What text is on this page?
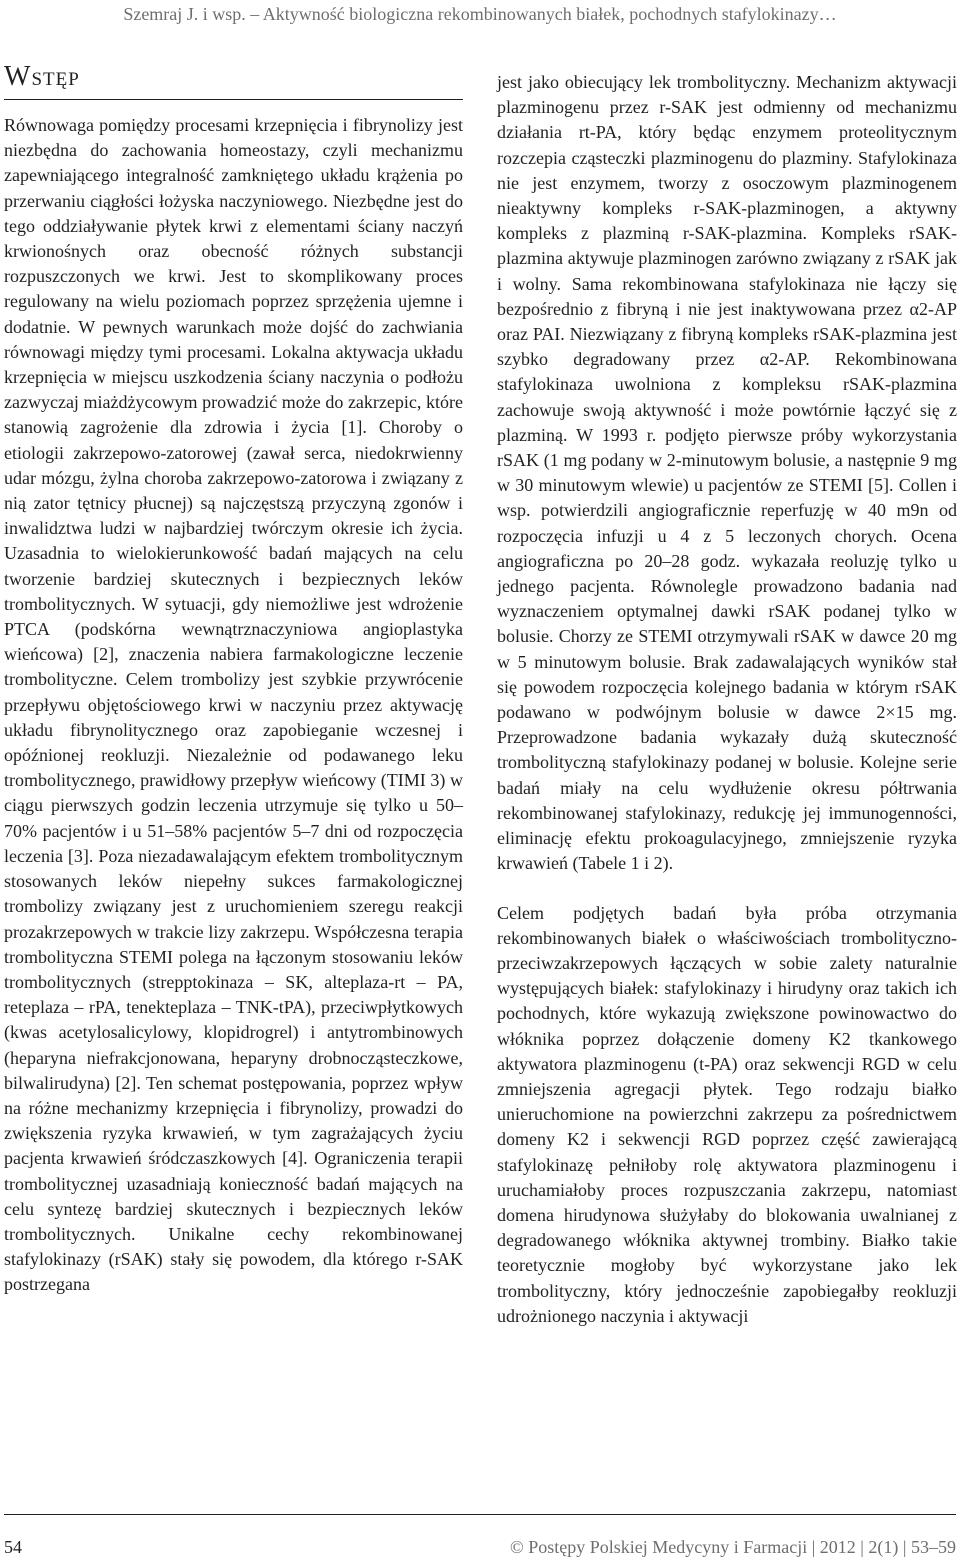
Szemraj J. i wsp. – Aktywność biologiczna rekombinowanych białek, pochodnych stafylokinazy…
WSTĘP

Równowaga pomiędzy procesami krzepnięcia i fibrynolizy jest niezbędna do zachowania homeostazy, czyli mechanizmu zapewniającego integralność zamkniętego układu krążenia po przerwaniu ciągłości łożyska naczyniowego. Niezbędne jest do tego oddziaływanie płytek krwi z elementami ściany naczyń krwionośnych oraz obecność różnych substancji rozpuszczonych we krwi. Jest to skomplikowany proces regulowany na wielu poziomach poprzez sprzężenia ujemne i dodatnie. W pewnych warunkach może dojść do zachwiania równowagi między tymi procesami. Lokalna aktywacja układu krzepnięcia w miejscu uszkodzenia ściany naczynia o podłożu zazwyczaj miażdżycowym prowadzić może do zakrzepic, które stanowią zagrożenie dla zdrowia i życia [1]. Choroby o etiologii zakrzepowo-zatorowej (zawał serca, niedokrwienny udar mózgu, żylna choroba zakrzepowo-zatorowa i związany z nią zator tętnicy płucnej) są najczęstszą przyczyną zgonów i inwalidztwa ludzi w najbardziej twórczym okresie ich życia. Uzasadnia to wielokierunkowość badań mających na celu tworzenie bardziej skutecznych i bezpiecznych leków trombolitycznych. W sytuacji, gdy niemożliwe jest wdrożenie PTCA (podskórna wewnątrznaczyniowa angioplastyka wieńcowa) [2], znaczenia nabiera farmakologiczne leczenie trombolityczne. Celem trombolizy jest szybkie przywrócenie przepływu objętościowego krwi w naczyniu przez aktywację układu fibrynolitycznego oraz zapobieganie wczesnej i opóźnionej reokluzji. Niezależnie od podawanego leku trombolitycznego, prawidłowy przepływ wieńcowy (TIMI 3) w ciągu pierwszych godzin leczenia utrzymuje się tylko u 50–70% pacjentów i u 51–58% pacjentów 5–7 dni od rozpoczęcia leczenia [3]. Poza niezadawalającym efektem trombolitycznym stosowanych leków niepełny sukces farmakologicznej trombolizy związany jest z uruchomieniem szeregu reakcji prozakrzepowych w trakcie lizy zakrzepu. Współczesna terapia trombolityczna STEMI polega na łączonym stosowaniu leków trombolitycznych (strepptokinaza – SK, alteplaza-rt – PA, reteplaza – rPA, tenekteplaza – TNK-tPA), przeciwpłytkowych (kwas acetylosalicylowy, klopidrogrel) i antytrombinowych (heparyna niefrakcjonowana, heparyny drobnocząsteczkowe, bilwalirudyna) [2]. Ten schemat postępowania, poprzez wpływ na różne mechanizmy krzepnięcia i fibrynolizy, prowadzi do zwiększenia ryzyka krwawień, w tym zagrażających życiu pacjenta krwawień śródczaszkowych [4]. Ograniczenia terapii trombolitycznej uzasadniają konieczność badań mających na celu syntezę bardziej skutecznych i bezpiecznych leków trombolitycznych. Unikalne cechy rekombinowanej stafylokinazy (rSAK) stały się powodem, dla którego r-SAK postrzegana

jest jako obiecujący lek trombolityczny. Mechanizm aktywacji plazminogenu przez r-SAK jest odmienny od mechanizmu działania rt-PA, który będąc enzymem proteolitycznym rozczepia cząsteczki plazminogenu do plazminy. Stafylokinaza nie jest enzymem, tworzy z osoczowym plazminogenem nieaktywny kompleks r-SAK-plazminogen, a aktywny kompleks z plazminą r-SAK-plazmina. Kompleks rSAK-plazmina aktywuje plazminogen zarówno związany z rSAK jak i wolny. Sama rekombinowana stafylokinaza nie łączy się bezpośrednio z fibryną i nie jest inaktywowana przez α2-AP oraz PAI. Niezwiązany z fibryną kompleks rSAK-plazmina jest szybko degradowany przez α2-AP. Rekombinowana stafylokinaza uwolniona z kompleksu rSAK-plazmina zachowuje swoją aktywność i może powtórnie łączyć się z plazminą. W 1993 r. podjęto pierwsze próby wykorzystania rSAK (1 mg podany w 2-minutowym bolusie, a następnie 9 mg w 30 minutowym wlewie) u pacjentów ze STEMI [5]. Collen i wsp. potwierdzili angiograficznie reperfuzję w 40 m9n od rozpoczęcia infuzji u 4 z 5 leczonych chorych. Ocena angiograficzna po 20–28 godz. wykazała reoluzję tylko u jednego pacjenta. Równolegle prowadzono badania nad wyznaczeniem optymalnej dawki rSAK podanej tylko w bolusie. Chorzy ze STEMI otrzymywali rSAK w dawce 20 mg w 5 minutowym bolusie. Brak zadawalających wyników stał się powodem rozpoczęcia kolejnego badania w którym rSAK podawano w podwójnym bolusie w dawce 2×15 mg. Przeprowadzone badania wykazały dużą skuteczność trombolityczną stafylokinazy podanej w bolusie. Kolejne serie badań miały na celu wydłużenie okresu półtrwania rekombinowanej stafylokinazy, redukcję jej immunogenności, eliminację efektu prokoagulacyjnego, zmniejszenie ryzyka krwawień (Tabele 1 i 2).

Celem podjętych badań była próba otrzymania rekombinowanych białek o właściwościach trombolityczno-przeciwzakrzepowych łączących w sobie zalety naturalnie występujących białek: stafylokinazy i hirudyny oraz takich ich pochodnych, które wykazują zwiększone powinowactwo do włóknika poprzez dołączenie domeny K2 tkankowego aktywatora plazminogenu (t-PA) oraz sekwencji RGD w celu zmniejszenia agregacji płytek. Tego rodzaju białko unieruchomione na powierzchni zakrzepu za pośrednictwem domeny K2 i sekwencji RGD poprzez część zawierającą stafylokinazę pełniłoby rolę aktywatora plazminogenu i uruchamiałoby proces rozpuszczania zakrzepu, natomiast domena hirudynowa służyłaby do blokowania uwalnianej z degradowanego włóknika aktywnej trombiny. Białko takie teoretycznie mogłoby być wykorzystane jako lek trombolityczny, który jednocześnie zapobiegałby reokluzji udrożnionego naczynia i aktywacji

54	© Postępy Polskiej Medycyny i Farmacji | 2012 | 2(1) | 53–59
